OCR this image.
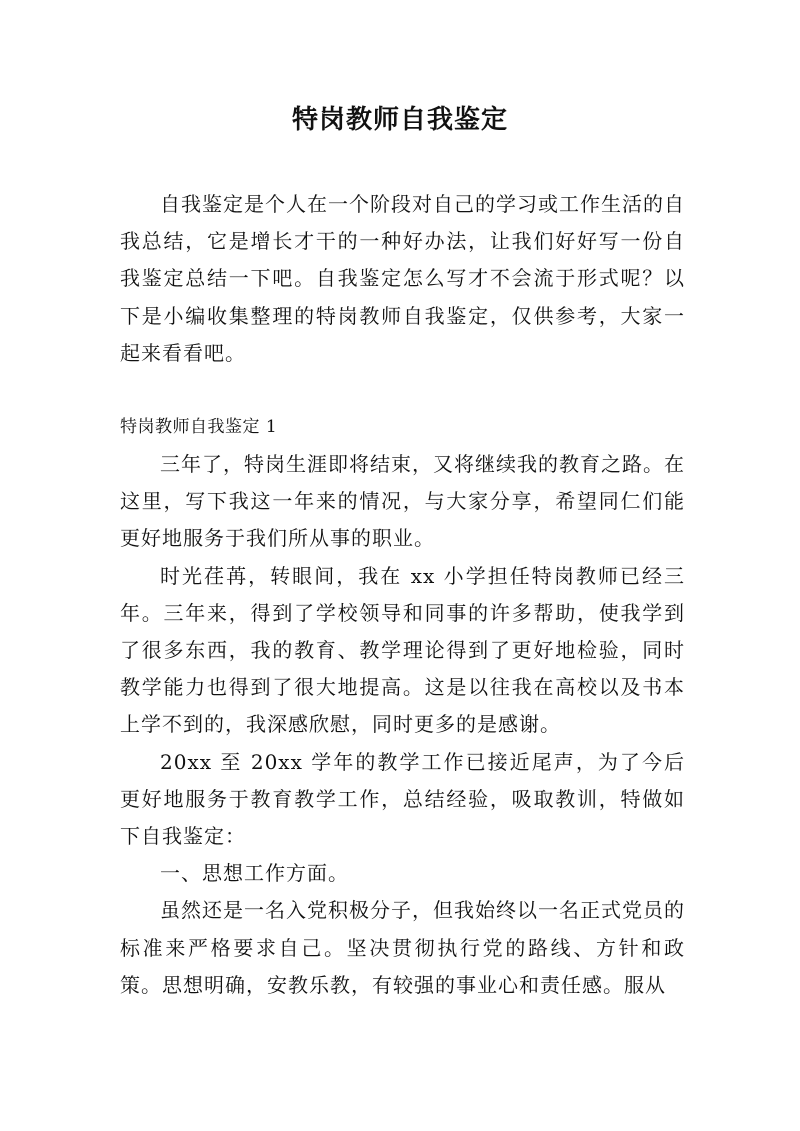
特岗教师自我鉴定

自我鉴定是个人在一个阶段对自己的学习或工作生活的自我总结，它是增长才干的一种好办法，让我们好好写一份自我鉴定总结一下吧。自我鉴定怎么写才不会流于形式呢？以下是小编收集整理的特岗教师自我鉴定，仅供参考，大家一起来看看吧。

特岗教师自我鉴定 1

三年了，特岗生涯即将结束，又将继续我的教育之路。在这里，写下我这一年来的情况，与大家分享，希望同仁们能更好地服务于我们所从事的职业。

时光荏苒，转眼间，我在 xx 小学担任特岗教师已经三年。三年来，得到了学校领导和同事的许多帮助，使我学到了很多东西，我的教育、教学理论得到了更好地检验，同时教学能力也得到了很大地提高。这是以往我在高校以及书本上学不到的，我深感欣慰，同时更多的是感谢。

20xx 至 20xx 学年的教学工作已接近尾声，为了今后更好地服务于教育教学工作，总结经验，吸取教训，特做如下自我鉴定：

一、思想工作方面。

虽然还是一名入党积极分子，但我始终以一名正式党员的标准来严格要求自己。坚决贯彻执行党的路线、方针和政策。思想明确，安教乐教，有较强的事业心和责任感。服从
